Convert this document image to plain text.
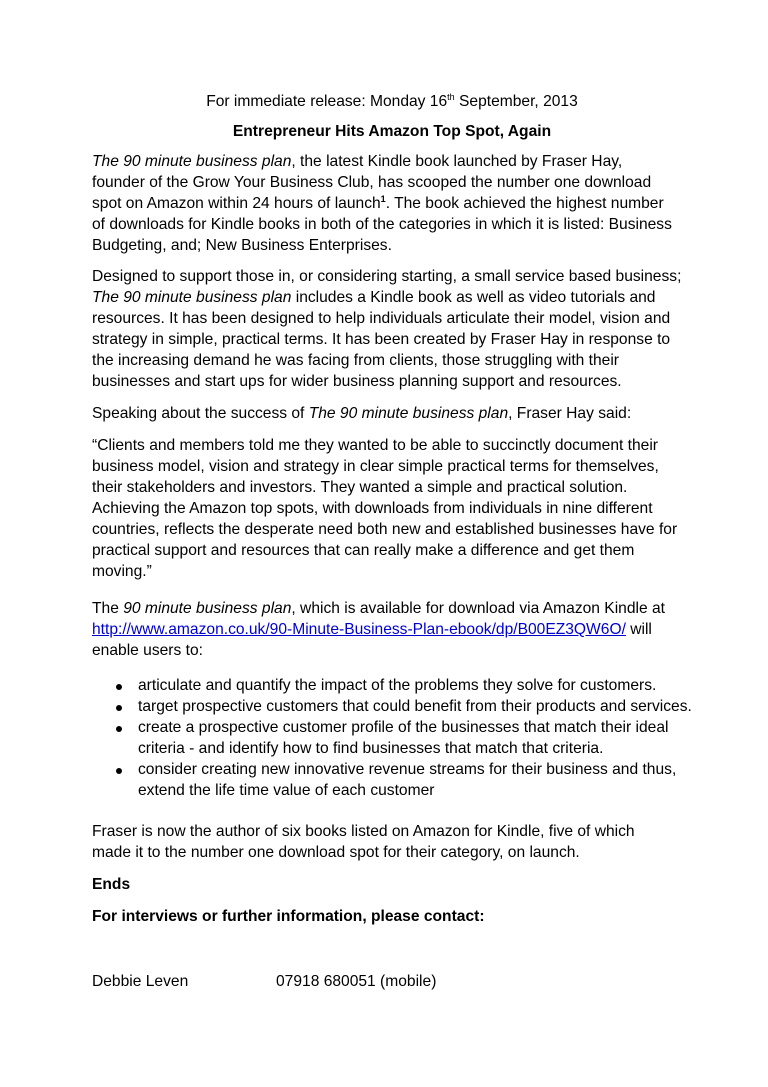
For immediate release: Monday 16th September, 2013
Entrepreneur Hits Amazon Top Spot, Again
The 90 minute business plan, the latest Kindle book launched by Fraser Hay,
founder of the Grow Your Business Club, has scooped the number one download
spot on Amazon within 24 hours of launch$^1$. The book achieved the highest number
of downloads for Kindle books in both of the categories in which it is listed: Business
Budgeting, and; New Business Enterprises.
Designed to support those in, or considering starting, a small service based business;
The 90 minute business plan includes a Kindle book as well as video tutorials and
resources. It has been designed to help individuals articulate their model, vision and
strategy in simple, practical terms. It has been created by Fraser Hay in response to
the increasing demand he was facing from clients, those struggling with their
businesses and start ups for wider business planning support and resources.
Speaking about the success of The 90 minute business plan, Fraser Hay said:
“Clients and members told me they wanted to be able to succinctly document their
business model, vision and strategy in clear simple practical terms for themselves,
their stakeholders and investors. They wanted a simple and practical solution.
Achieving the Amazon top spots, with downloads from individuals in nine different
countries, reflects the desperate need both new and established businesses have for
practical support and resources that can really make a difference and get them
moving.”
The 90 minute business plan, which is available for download via Amazon Kindle at
http://www.amazon.co.uk/90-Minute-Business-Plan-ebook/dp/B00EZ3QW6O/ will
enable users to:
articulate and quantify the impact of the problems they solve for customers.
target prospective customers that could benefit from their products and services.
create a prospective customer profile of the businesses that match their ideal
criteria - and identify how to find businesses that match that criteria.
consider creating new innovative revenue streams for their business and thus,
extend the life time value of each customer
Fraser is now the author of six books listed on Amazon for Kindle, five of which
made it to the number one download spot for their category, on launch.
Ends
For interviews or further information, please contact:
Debbie Leven	07918 680051 (mobile)
